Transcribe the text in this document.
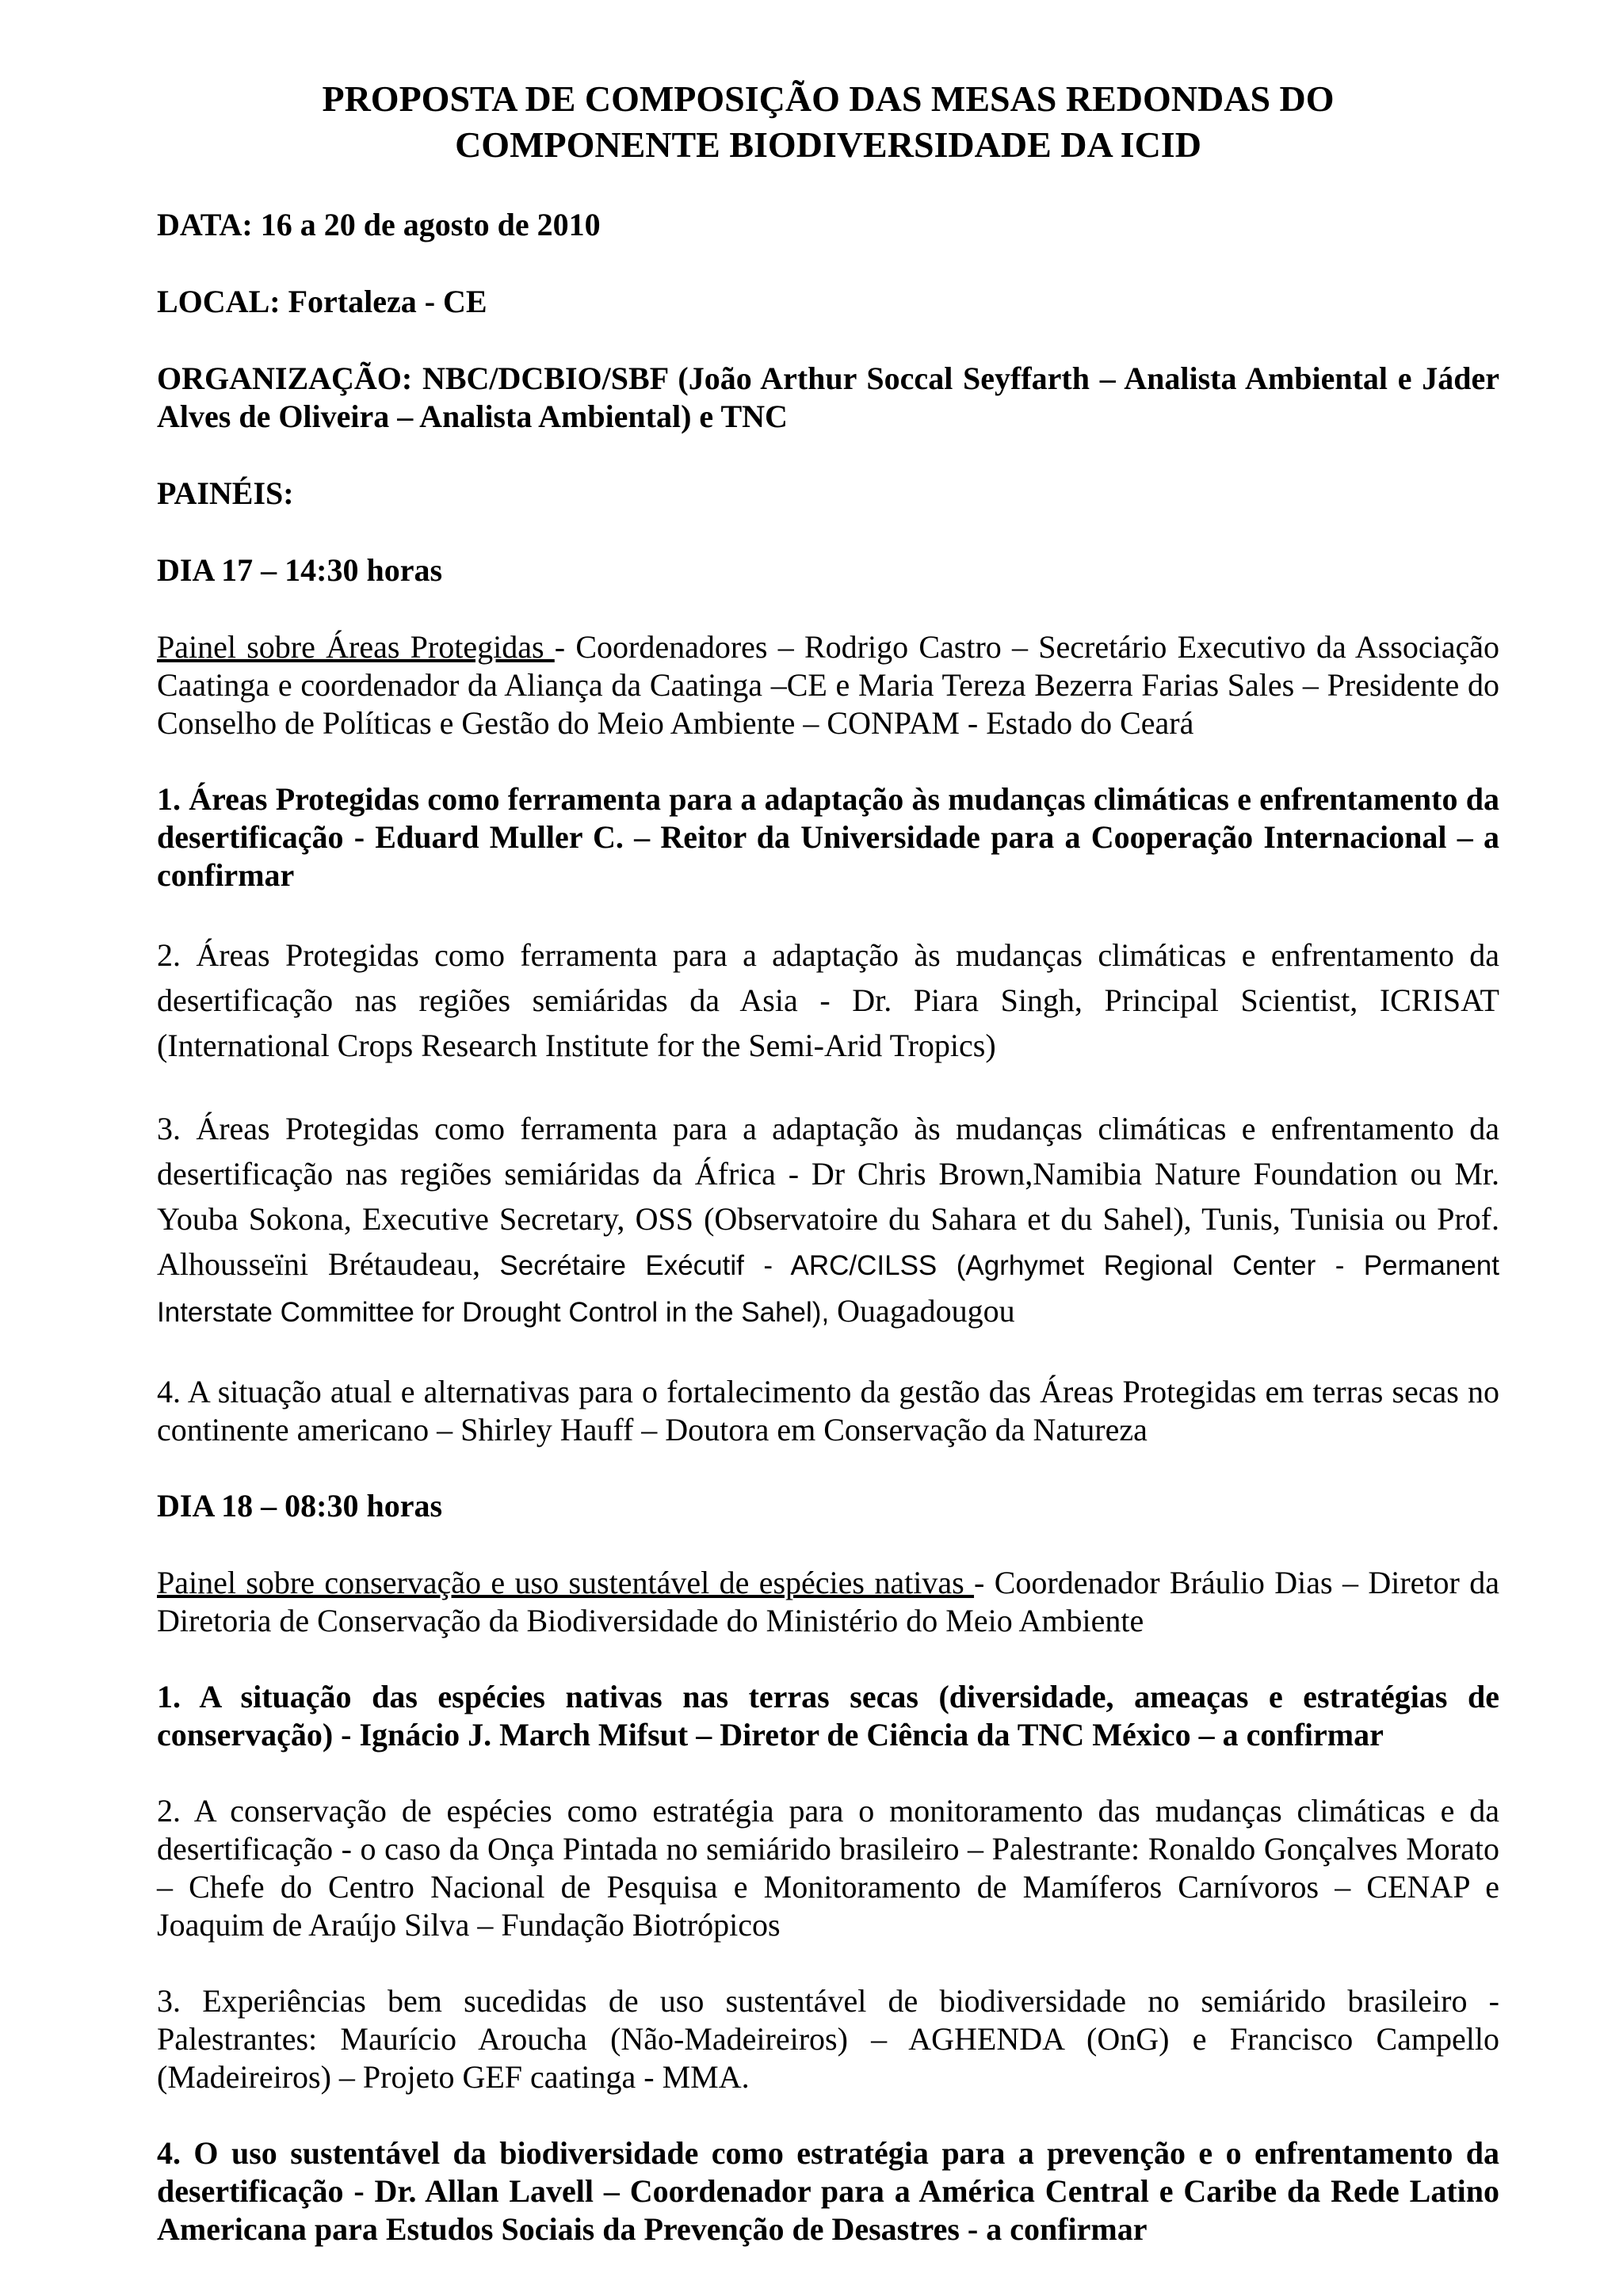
PROPOSTA DE COMPOSIÇÃO DAS MESAS REDONDAS DO
COMPONENTE BIODIVERSIDADE DA ICID
DATA: 16 a 20 de agosto de 2010
LOCAL: Fortaleza - CE
ORGANIZAÇÃO: NBC/DCBIO/SBF (João Arthur Soccal Seyffarth – Analista Ambiental e Jáder Alves de Oliveira – Analista Ambiental) e TNC
PAINÉIS:
DIA 17 – 14:30 horas

Painel sobre Áreas Protegidas - Coordenadores – Rodrigo Castro – Secretário Executivo da Associação Caatinga e coordenador da Aliança da Caatinga –CE e Maria Tereza Bezerra Farias Sales – Presidente do Conselho de Políticas e Gestão do Meio Ambiente – CONPAM - Estado do Ceará

1. Áreas Protegidas como ferramenta para a adaptação às mudanças climáticas e enfrentamento da desertificação - Eduard Muller C. – Reitor da Universidade para a Cooperação Internacional – a confirmar

2. Áreas Protegidas como ferramenta para a adaptação às mudanças climáticas e enfrentamento da desertificação nas regiões semiáridas da Asia - Dr. Piara Singh, Principal Scientist, ICRISAT (International Crops Research Institute for the Semi-Arid Tropics)

3. Áreas Protegidas como ferramenta para a adaptação às mudanças climáticas e enfrentamento da desertificação nas regiões semiáridas da África - Dr Chris Brown,Namibia Nature Foundation ou Mr. Youba Sokona, Executive Secretary, OSS (Observatoire du Sahara et du Sahel), Tunis, Tunisia ou Prof. Alhousseïni Brétaudeau, Secrétaire Exécutif - ARC/CILSS (Agrhymet Regional Center - Permanent Interstate Committee for Drought Control in the Sahel), Ouagadougou

4. A situação atual e alternativas para o fortalecimento da gestão das Áreas Protegidas em terras secas no continente americano – Shirley Hauff – Doutora em Conservação da Natureza

DIA 18 – 08:30 horas

Painel sobre conservação e uso sustentável de espécies nativas - Coordenador Bráulio Dias – Diretor da Diretoria de Conservação da Biodiversidade do Ministério do Meio Ambiente

1. A situação das espécies nativas nas terras secas (diversidade, ameaças e estratégias de conservação) - Ignácio J. March Mifsut – Diretor de Ciência da TNC México – a confirmar

2. A conservação de espécies como estratégia para o monitoramento das mudanças climáticas e da desertificação - o caso da Onça Pintada no semiárido brasileiro – Palestrante: Ronaldo Gonçalves Morato – Chefe do Centro Nacional de Pesquisa e Monitoramento de Mamíferos Carnívoros – CENAP e Joaquim de Araújo Silva – Fundação Biotrópicos

3. Experiências bem sucedidas de uso sustentável de biodiversidade no semiárido brasileiro - Palestrantes: Maurício Aroucha (Não-Madeireiros) – AGHENDA (OnG) e Francisco Campello (Madeireiros) – Projeto GEF caatinga - MMA.

4. O uso sustentável da biodiversidade como estratégia para a prevenção e o enfrentamento da desertificação - Dr. Allan Lavell – Coordenador para a América Central e Caribe da Rede Latino Americana para Estudos Sociais da Prevenção de Desastres - a confirmar
